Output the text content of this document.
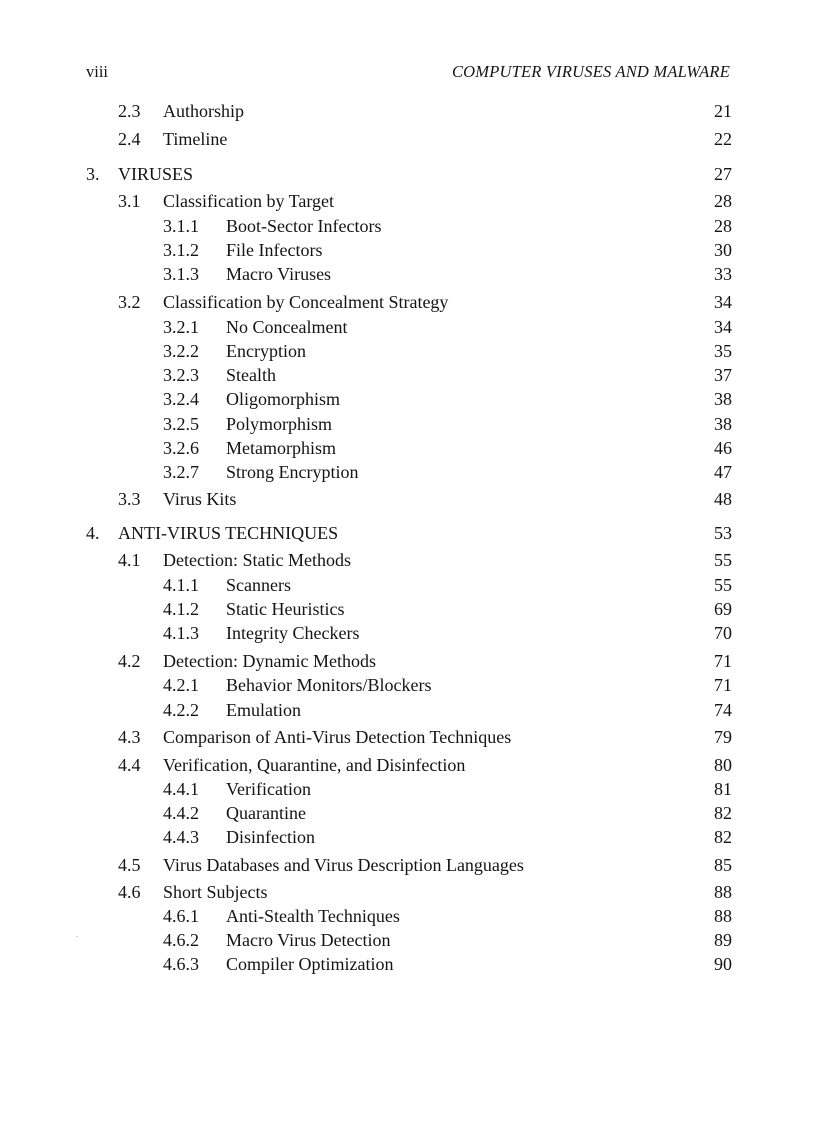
viii	COMPUTER VIRUSES AND MALWARE
2.3 Authorship	21
2.4 Timeline	22
3. VIRUSES	27
3.1 Classification by Target	28
3.1.1 Boot-Sector Infectors	28
3.1.2 File Infectors	30
3.1.3 Macro Viruses	33
3.2 Classification by Concealment Strategy	34
3.2.1 No Concealment	34
3.2.2 Encryption	35
3.2.3 Stealth	37
3.2.4 Oligomorphism	38
3.2.5 Polymorphism	38
3.2.6 Metamorphism	46
3.2.7 Strong Encryption	47
3.3 Virus Kits	48
4. ANTI-VIRUS TECHNIQUES	53
4.1 Detection: Static Methods	55
4.1.1 Scanners	55
4.1.2 Static Heuristics	69
4.1.3 Integrity Checkers	70
4.2 Detection: Dynamic Methods	71
4.2.1 Behavior Monitors/Blockers	71
4.2.2 Emulation	74
4.3 Comparison of Anti-Virus Detection Techniques	79
4.4 Verification, Quarantine, and Disinfection	80
4.4.1 Verification	81
4.4.2 Quarantine	82
4.4.3 Disinfection	82
4.5 Virus Databases and Virus Description Languages	85
4.6 Short Subjects	88
4.6.1 Anti-Stealth Techniques	88
4.6.2 Macro Virus Detection	89
4.6.3 Compiler Optimization	90
